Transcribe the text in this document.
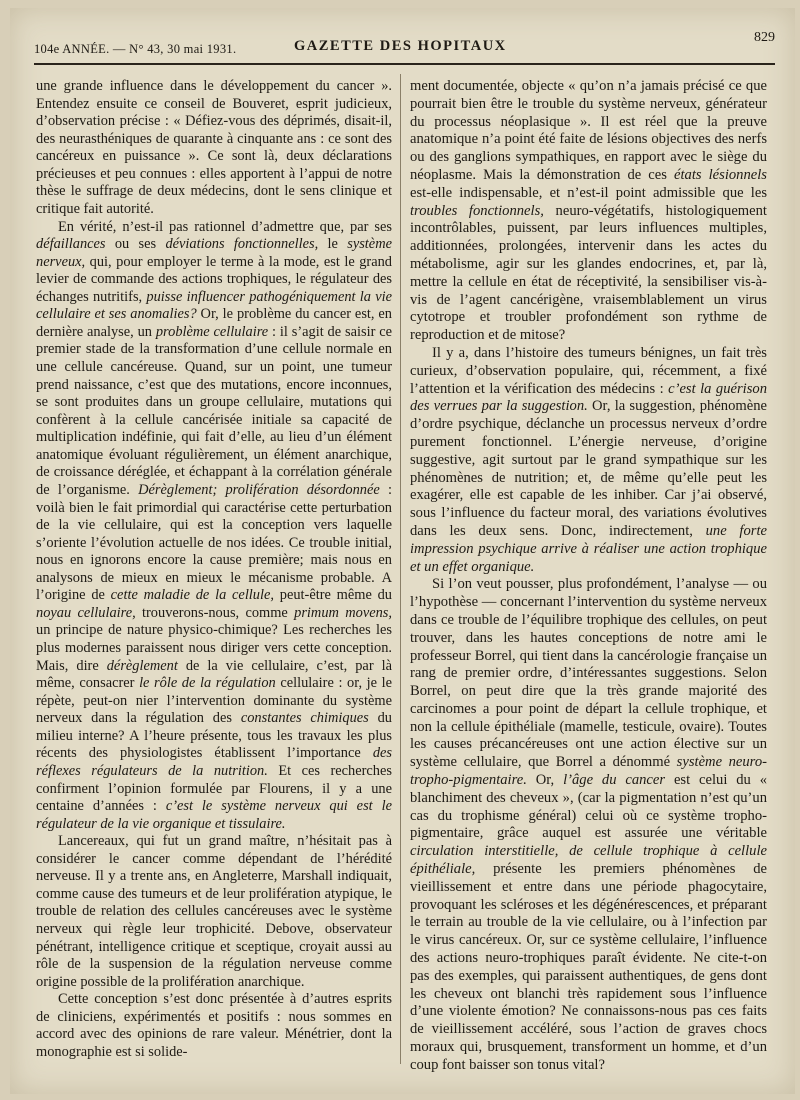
104e ANNÉE. — N° 43, 30 mai 1931.	GAZETTE DES HOPITAUX
829

une grande influence dans le développement du cancer ». Entendez ensuite ce conseil de Bouveret, esprit judicieux, d’observation précise : « Défiez-vous des déprimés, disait-il, des neurasthéniques de quarante à cinquante ans : ce sont des cancéreux en puissance ». Ce sont là, deux déclarations précieuses et peu connues : elles apportent à l’appui de notre thèse le suffrage de deux médecins, dont le sens clinique et critique fait autorité.

En vérité, n’est-il pas rationnel d’admettre que, par ses défaillances ou ses déviations fonctionnelles, le système nerveux, qui, pour employer le terme à la mode, est le grand levier de commande des actions trophiques, le régulateur des échanges nutritifs, puisse influencer pathogéniquement la vie cellulaire et ses anomalies? Or, le problème du cancer est, en dernière analyse, un problème cellulaire : il s’agit de saisir ce premier stade de la transformation d’une cellule normale en une cellule cancéreuse. Quand, sur un point, une tumeur prend naissance, c’est que des mutations, encore inconnues, se sont produites dans un groupe cellulaire, mutations qui confèrent à la cellule cancérisée initiale sa capacité de multiplication indéfinie, qui fait d’elle, au lieu d’un élément anatomique évoluant régulièrement, un élément anarchique, de croissance déréglée, et échappant à la corrélation générale de l’organisme. Dérèglement; prolifération désordonnée : voilà bien le fait primordial qui caractérise cette perturbation de la vie cellulaire, qui est la conception vers laquelle s’oriente l’évolution actuelle de nos idées. Ce trouble initial, nous en ignorons encore la cause première; mais nous en analysons de mieux en mieux le mécanisme probable. A l’origine de cette maladie de la cellule, peut-être même du noyau cellulaire, trouverons-nous, comme primum movens, un principe de nature physico-chimique? Les recherches les plus modernes paraissent nous diriger vers cette conception. Mais, dire dérèglement de la vie cellulaire, c’est, par là même, consacrer le rôle de la régulation cellulaire : or, je le répète, peut-on nier l’intervention dominante du système nerveux dans la régulation des constantes chimiques du milieu interne? A l’heure présente, tous les travaux les plus récents des physiologistes établissent l’importance des réflexes régulateurs de la nutrition. Et ces recherches confirment l’opinion formulée par Flourens, il y a une centaine d’années : c’est le système nerveux qui est le régulateur de la vie organique et tissulaire.

Lancereaux, qui fut un grand maître, n’hésitait pas à considérer le cancer comme dépendant de l’hérédité nerveuse. Il y a trente ans, en Angleterre, Marshall indiquait, comme cause des tumeurs et de leur prolifération atypique, le trouble de relation des cellules cancéreuses avec le système nerveux qui règle leur trophicité. Debove, observateur pénétrant, intelligence critique et sceptique, croyait aussi au rôle de la suspension de la régulation nerveuse comme origine possible de la prolifération anarchique.

Cette conception s’est donc présentée à d’autres esprits de cliniciens, expérimentés et positifs : nous sommes en accord avec des opinions de rare valeur. Ménétrier, dont la monographie est si solide-

ment documentée, objecte « qu’on n’a jamais précisé ce que pourrait bien être le trouble du système nerveux, générateur du processus néoplasique ». Il est réel que la preuve anatomique n’a point été faite de lésions objectives des nerfs ou des ganglions sympathiques, en rapport avec le siège du néoplasme. Mais la démonstration de ces états lésionnels est-elle indispensable, et n’est-il point admissible que les troubles fonctionnels, neuro-végétatifs, histologiquement incontrôlables, puissent, par leurs influences multiples, additionnées, prolongées, intervenir dans les actes du métabolisme, agir sur les glandes endocrines, et, par là, mettre la cellule en état de réceptivité, la sensibiliser vis-à-vis de l’agent cancérigène, vraisemblablement un virus cytotrope et troubler profondément son rythme de reproduction et de mitose?

Il y a, dans l’histoire des tumeurs bénignes, un fait très curieux, d’observation populaire, qui, récemment, a fixé l’attention et la vérification des médecins : c’est la guérison des verrues par la suggestion. Or, la suggestion, phénomène d’ordre psychique, déclanche un processus nerveux d’ordre purement fonctionnel. L’énergie nerveuse, d’origine suggestive, agit surtout par le grand sympathique sur les phénomènes de nutrition; et, de même qu’elle peut les exagérer, elle est capable de les inhiber. Car j’ai observé, sous l’influence du facteur moral, des variations évolutives dans les deux sens. Donc, indirectement, une forte impression psychique arrive à réaliser une action trophique et un effet organique.

Si l’on veut pousser, plus profondément, l’analyse — ou l’hypothèse — concernant l’intervention du système nerveux dans ce trouble de l’équilibre trophique des cellules, on peut trouver, dans les hautes conceptions de notre ami le professeur Borrel, qui tient dans la cancérologie française un rang de premier ordre, d’intéressantes suggestions. Selon Borrel, on peut dire que la très grande majorité des carcinomes a pour point de départ la cellule trophique, et non la cellule épithéliale (mamelle, testicule, ovaire). Toutes les causes précancéreuses ont une action élective sur un système cellulaire, que Borrel a dénommé système neuro-tropho-pigmentaire. Or, l’âge du cancer est celui du « blanchiment des cheveux », (car la pigmentation n’est qu’un cas du trophisme général) celui où ce système tropho-pigmentaire, grâce auquel est assurée une véritable circulation interstitielle, de cellule trophique à cellule épithéliale, présente les premiers phénomènes de vieillissement et entre dans une période phagocytaire, provoquant les scléroses et les dégénérescences, et préparant le terrain au trouble de la vie cellulaire, ou à l’infection par le virus cancéreux. Or, sur ce système cellulaire, l’influence des actions neuro-trophiques paraît évidente. Ne cite-t-on pas des exemples, qui paraissent authentiques, de gens dont les cheveux ont blanchi très rapidement sous l’influence d’une violente émotion? Ne connaissons-nous pas ces faits de vieillissement accéléré, sous l’action de graves chocs moraux qui, brusquement, transforment un homme, et d’un coup font baisser son tonus vital?
